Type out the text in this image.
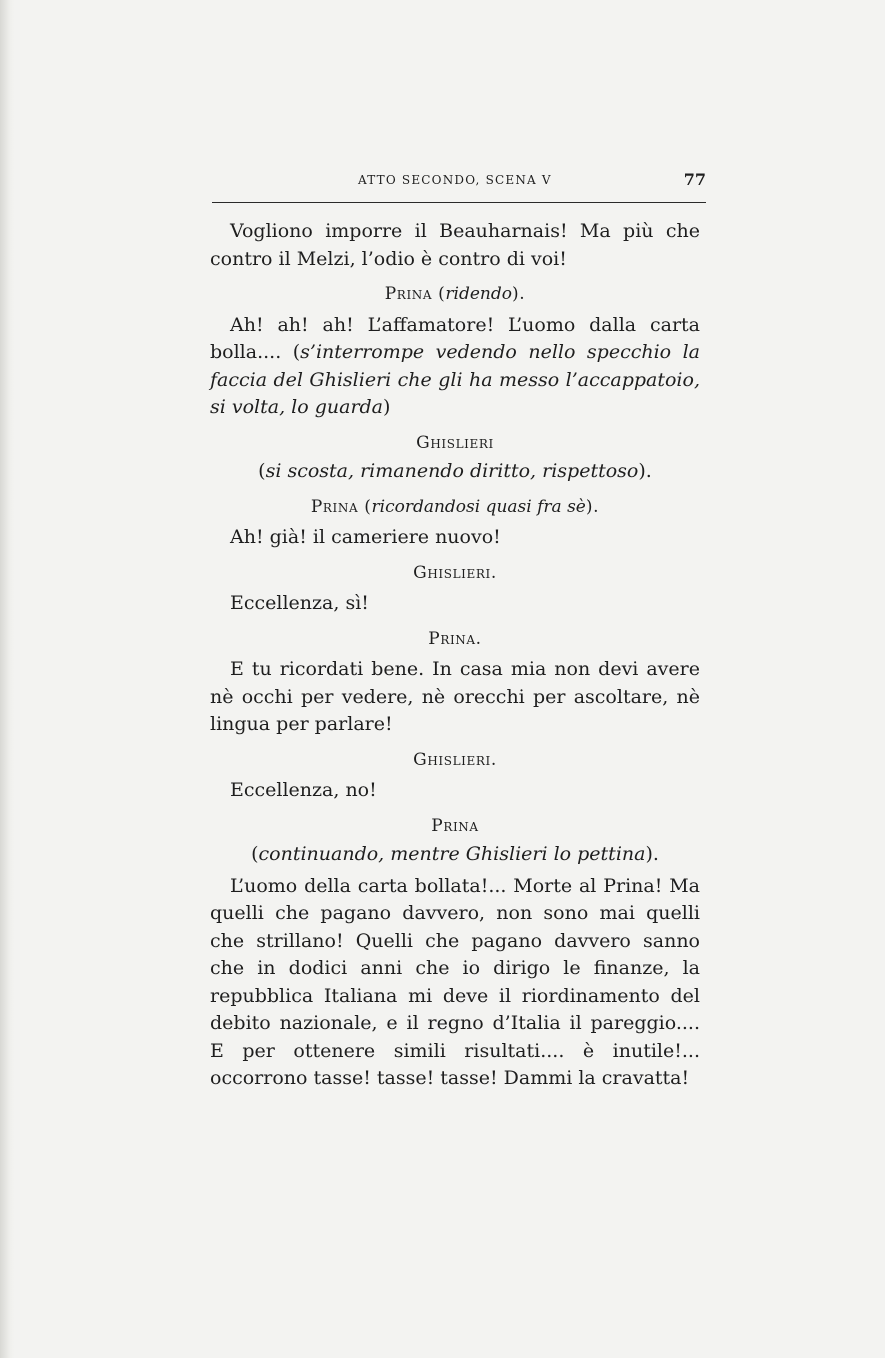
ATTO SECONDO, SCENA V	77

Vogliono imporre il Beauharnais! Ma più che contro il Melzi, l’odio è contro di voi!

Prina (ridendo).

Ah! ah! ah! L’affamatore! L’uomo dalla carta bolla.... (s’interrompe vedendo nello specchio la faccia del Ghislieri che gli ha messo l’accappatoio, si volta, lo guarda)

Ghislieri
(si scosta, rimanendo diritto, rispettoso).
Prina (ricordandosi quasi fra sè).

Ah! già! il cameriere nuovo!

Ghislieri.

Eccellenza, sì!

Prina.

E tu ricordati bene. In casa mia non devi avere nè occhi per vedere, nè orecchi per ascoltare, nè lingua per parlare!

Ghislieri.

Eccellenza, no!

Prina
(continuando, mentre Ghislieri lo pettina).

L’uomo della carta bollata!... Morte al Prina! Ma quelli che pagano davvero, non sono mai quelli che strillano! Quelli che pagano davvero sanno che in dodici anni che io dirigo le finanze, la repubblica Italiana mi deve il riordinamento del debito nazionale, e il regno d’Italia il pareggio.... E per ottenere simili risultati.... è inutile!... occorrono tasse! tasse! tasse! Dammi la cravatta!
